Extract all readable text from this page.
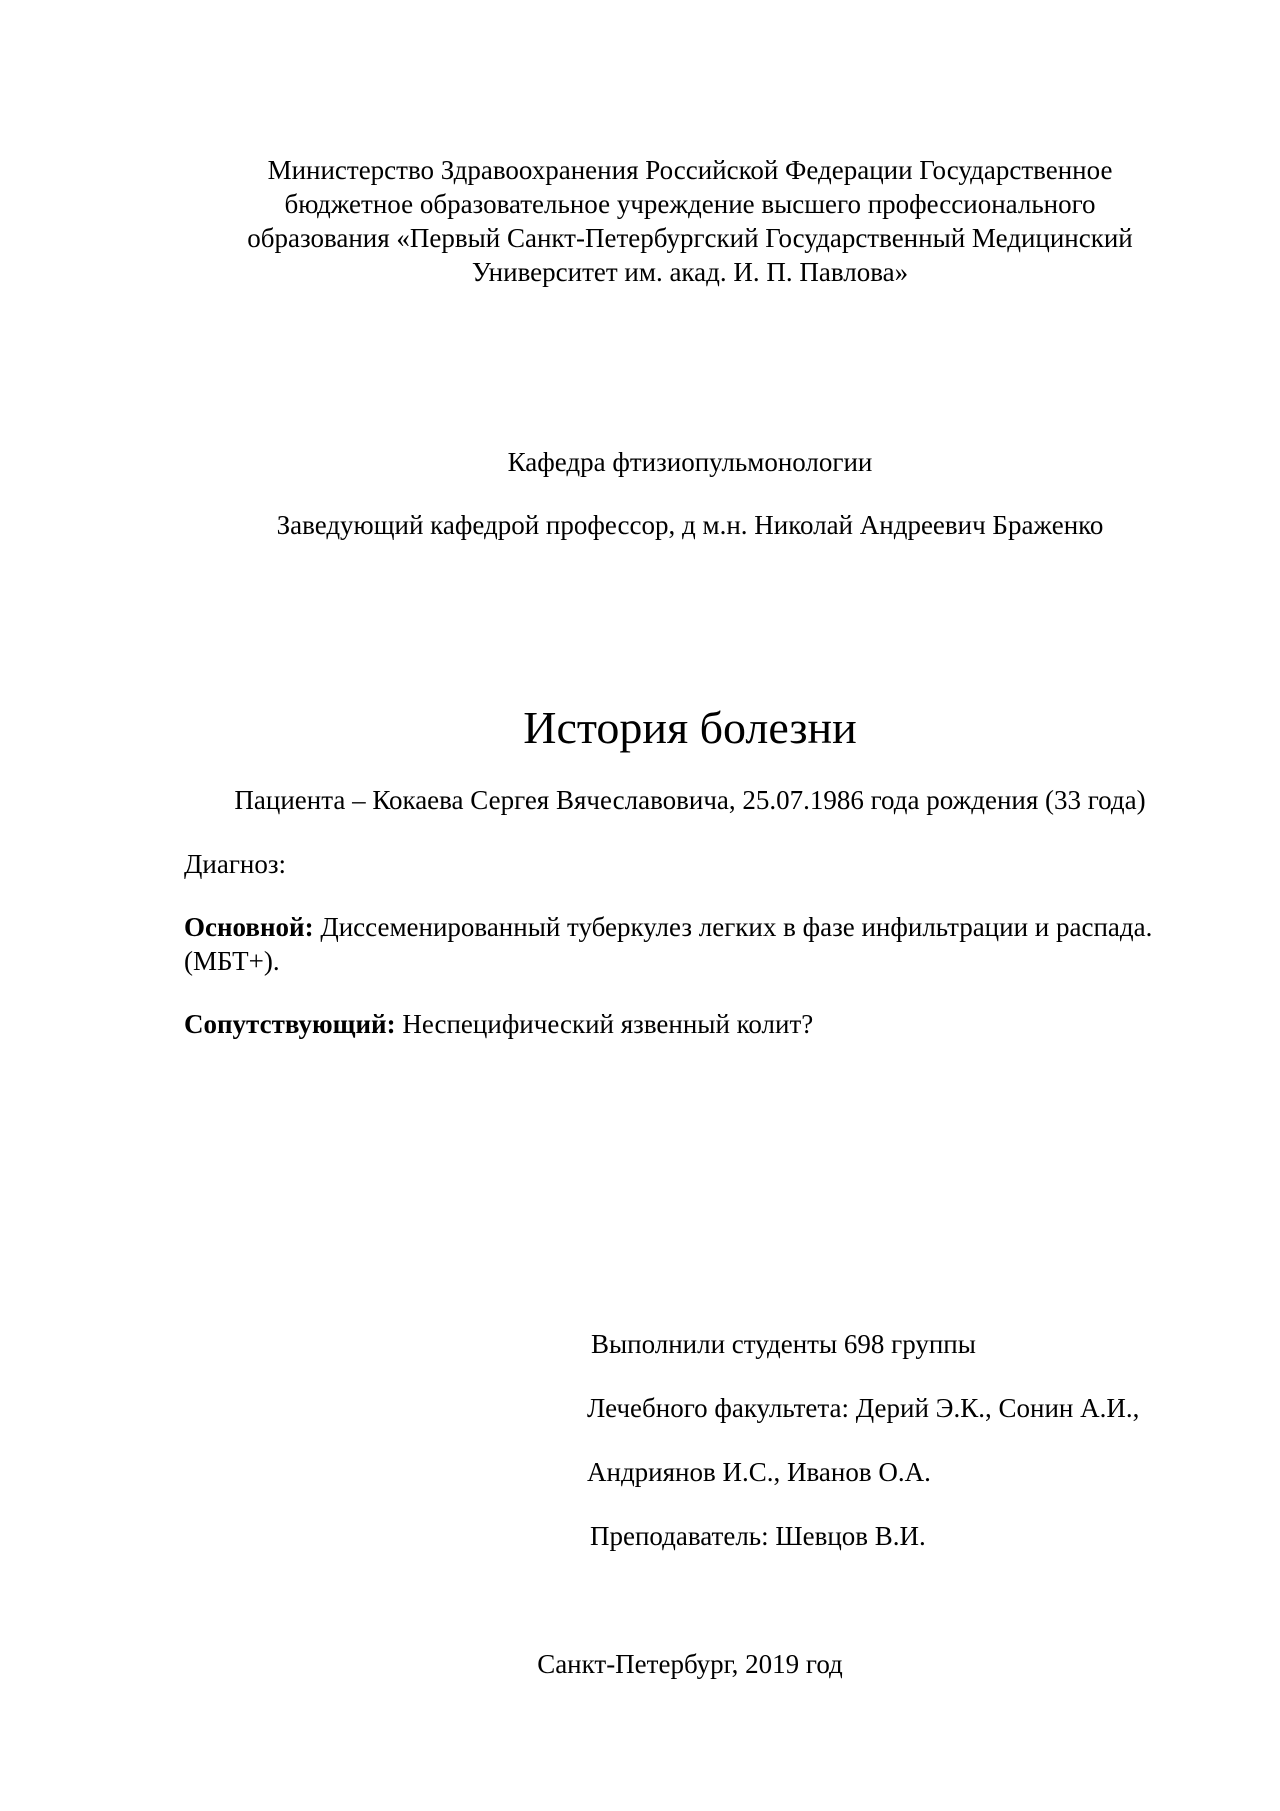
Министерство Здравоохранения Российской Федерации Государственное
бюджетное образовательное учреждение высшего профессионального
образования «Первый Санкт-Петербургский Государственный Медицинский
Университет им. акад. И. П. Павлова»

Кафедра фтизиопульмонологии

Заведующий кафедрой профессор, д м.н. Николай Андреевич Браженко

История болезни

Пациента – Кокаева Сергея Вячеславовича, 25.07.1986 года рождения (33 года)

Диагноз:

Основной: Диссеменированный туберкулез легких в фазе инфильтрации и распада. (МБТ+).

Сопутствующий: Неспецифический язвенный колит?

Выполнили студенты 698 группы

Лечебного факультета: Дерий Э.К., Сонин А.И.,

Андриянов И.С., Иванов О.А.

Преподаватель: Шевцов В.И.

Санкт-Петербург, 2019 год
